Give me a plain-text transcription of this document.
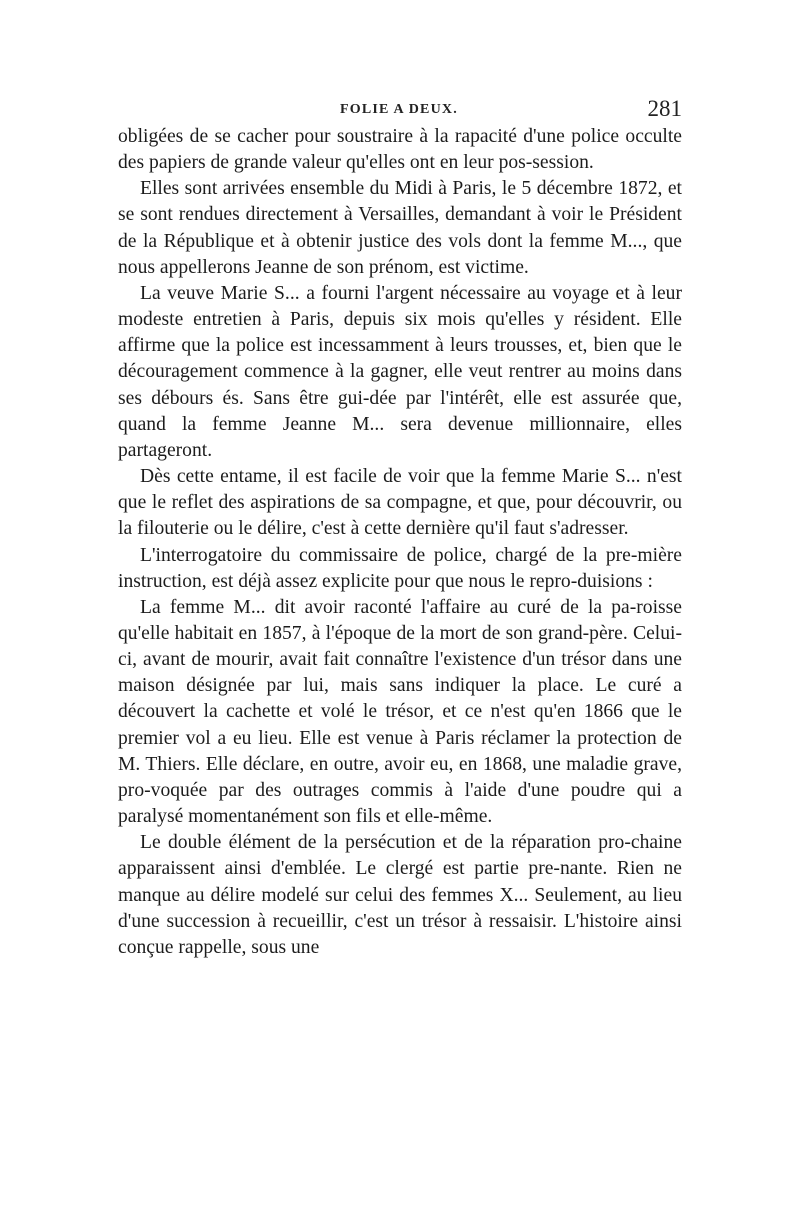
FOLIE A DEUX.	281

obligées de se cacher pour soustraire à la rapacité d'une police occulte des papiers de grande valeur qu'elles ont en leur pos-session.

Elles sont arrivées ensemble du Midi à Paris, le 5 décembre 1872, et se sont rendues directement à Versailles, demandant à voir le Président de la République et à obtenir justice des vols dont la femme M..., que nous appellerons Jeanne de son prénom, est victime.

La veuve Marie S... a fourni l'argent nécessaire au voyage et à leur modeste entretien à Paris, depuis six mois qu'elles y résident. Elle affirme que la police est incessamment à leurs trousses, et, bien que le découragement commence à la gagner, elle veut rentrer au moins dans ses débours és. Sans être gui-dée par l'intérêt, elle est assurée que, quand la femme Jeanne M... sera devenue millionnaire, elles partageront.

Dès cette entame, il est facile de voir que la femme Marie S... n'est que le reflet des aspirations de sa compagne, et que, pour découvrir, ou la filouterie ou le délire, c'est à cette dernière qu'il faut s'adresser.

L'interrogatoire du commissaire de police, chargé de la pre-mière instruction, est déjà assez explicite pour que nous le repro-duisions :

La femme M... dit avoir raconté l'affaire au curé de la pa-roisse qu'elle habitait en 1857, à l'époque de la mort de son grand-père. Celui-ci, avant de mourir, avait fait connaître l'existence d'un trésor dans une maison désignée par lui, mais sans indiquer la place. Le curé a découvert la cachette et volé le trésor, et ce n'est qu'en 1866 que le premier vol a eu lieu. Elle est venue à Paris réclamer la protection de M. Thiers. Elle déclare, en outre, avoir eu, en 1868, une maladie grave, pro-voquée par des outrages commis à l'aide d'une poudre qui a paralysé momentanément son fils et elle-même.

Le double élément de la persécution et de la réparation pro-chaine apparaissent ainsi d'emblée. Le clergé est partie pre-nante. Rien ne manque au délire modelé sur celui des femmes X... Seulement, au lieu d'une succession à recueillir, c'est un trésor à ressaisir. L'histoire ainsi conçue rappelle, sous une
